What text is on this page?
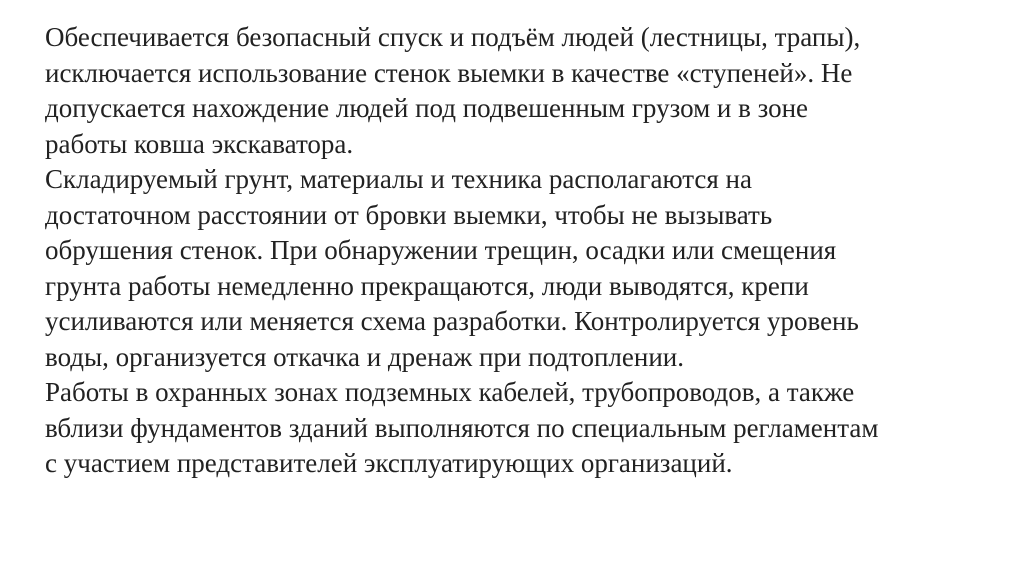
Обеспечивается безопасный спуск и подъём людей (лестницы, трапы),
исключается использование стенок выемки в качестве «ступеней». Не
допускается нахождение людей под подвешенным грузом и в зоне
работы ковша экскаватора.
Складируемый грунт, материалы и техника располагаются на
достаточном расстоянии от бровки выемки, чтобы не вызывать
обрушения стенок. При обнаружении трещин, осадки или смещения
грунта работы немедленно прекращаются, люди выводятся, крепи
усиливаются или меняется схема разработки. Контролируется уровень
воды, организуется откачка и дренаж при подтоплении.
Работы в охранных зонах подземных кабелей, трубопроводов, а также
вблизи фундаментов зданий выполняются по специальным регламентам
с участием представителей эксплуатирующих организаций.
